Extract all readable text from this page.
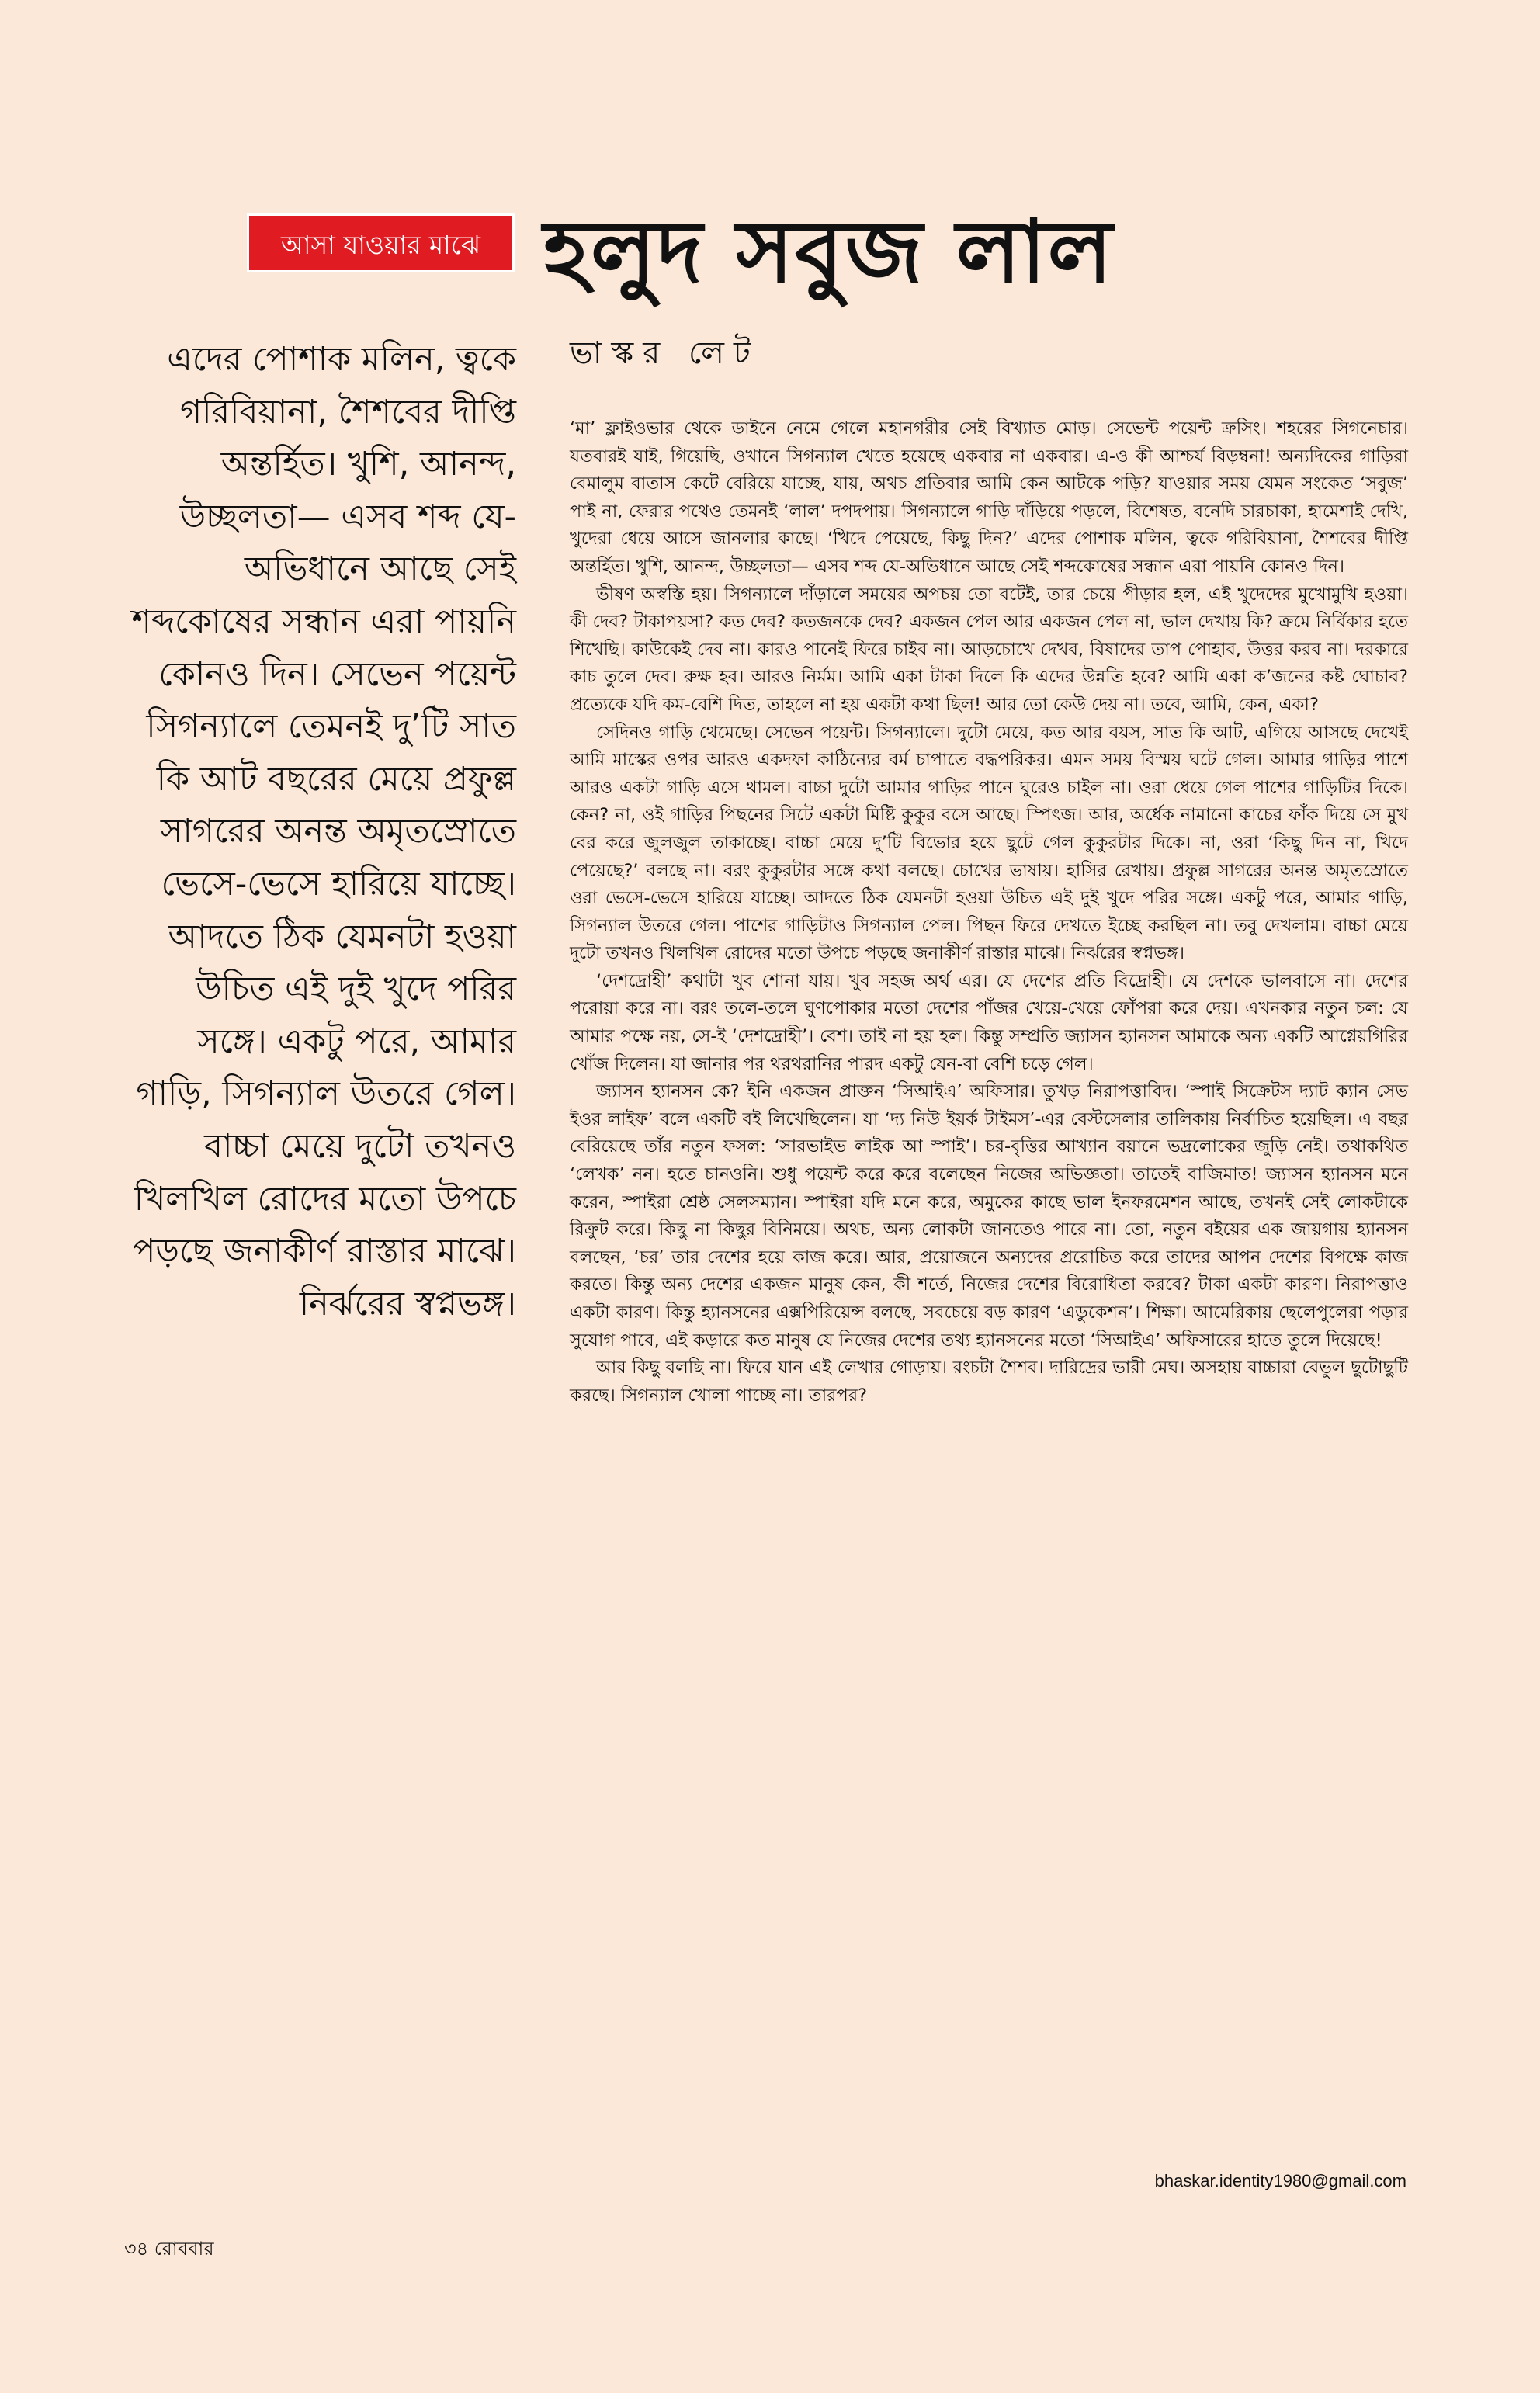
আসা যাওয়ার মাঝে হলুদ সবুজ লাল
ভাস্কর লেট

এদের পোশাক মলিন, ত্বকে গরিবিয়ানা, শৈশবের দীপ্তি অন্তর্হিত। খুশি, আনন্দ, উচ্ছলতা— এসব শব্দ যে-অভিধানে আছে সেই শব্দকোষের সন্ধান এরা পায়নি কোনও দিন। সেভেন পয়েন্ট সিগন্যালে তেমনই দু’টি সাত কি আট বছরের মেয়ে প্রফুল্ল সাগরের অনন্ত অমৃতস্রোতে ভেসে-ভেসে হারিয়ে যাচ্ছে। আদতে ঠিক যেমনটা হওয়া উচিত এই দুই খুদে পরির সঙ্গে। একটু পরে, আমার গাড়ি, সিগন্যাল উতরে গেল। বাচ্চা মেয়ে দুটো তখনও খিলখিল রোদের মতো উপচে পড়ছে জনাকীর্ণ রাস্তার মাঝে। নির্ঝরের স্বপ্নভঙ্গ।

‘মা’ ফ্লাইওভার থেকে ডাইনে নেমে গেলে মহানগরীর সেই বিখ্যাত মোড়। সেভেন্ট পয়েন্ট ক্রসিং। শহরের সিগনেচার। যতবারই যাই, গিয়েছি, ওখানে সিগন্যাল খেতে হয়েছে একবার না একবার। এ-ও কী আশ্চর্য বিড়ম্বনা! অন্যদিকের গাড়িরা বেমালুম বাতাস কেটে বেরিয়ে যাচ্ছে, যায়, অথচ প্রতিবার আমি কেন আটকে পড়ি? যাওয়ার সময় যেমন সংকেত ‘সবুজ’ পাই না, ফেরার পথেও তেমনই ‘লাল’ দপদপায়। সিগন্যালে গাড়ি দাঁড়িয়ে পড়লে, বিশেষত, বনেদি চারচাকা, হামেশাই দেখি, খুদেরা ধেয়ে আসে জানলার কাছে। ‘খিদে পেয়েছে, কিছু দিন?’ এদের পোশাক মলিন, ত্বকে গরিবিয়ানা, শৈশবের দীপ্তি অন্তর্হিত। খুশি, আনন্দ, উচ্ছলতা— এসব শব্দ যে-অভিধানে আছে সেই শব্দকোষের সন্ধান এরা পায়নি কোনও দিন।

ভীষণ অস্বস্তি হয়। সিগন্যালে দাঁড়ালে সময়ের অপচয় তো বটেই, তার চেয়ে পীড়ার হল, এই খুদেদের মুখোমুখি হওয়া। কী দেব? টাকাপয়সা? কত দেব? কতজনকে দেব? একজন পেল আর একজন পেল না, ভাল দেখায় কি? ক্রমে নির্বিকার হতে শিখেছি। কাউকেই দেব না। কারও পানেই ফিরে চাইব না। আড়চোখে দেখব, বিষাদের তাপ পোহাব, উত্তর করব না। দরকারে কাচ তুলে দেব। রুক্ষ হব। আরও নির্মম। আমি একা টাকা দিলে কি এদের উন্নতি হবে? আমি একা ক’জনের কষ্ট ঘোচাব? প্রত্যেকে যদি কম-বেশি দিত, তাহলে না হয় একটা কথা ছিল! আর তো কেউ দেয় না। তবে, আমি, কেন, একা?

সেদিনও গাড়ি থেমেছে। সেভেন পয়েন্ট। সিগন্যালে। দুটো মেয়ে, কত আর বয়স, সাত কি আট, এগিয়ে আসছে দেখেই আমি মাস্কের ওপর আরও একদফা কাঠিন্যের বর্ম চাপাতে বদ্ধপরিকর। এমন সময় বিস্ময় ঘটে গেল। আমার গাড়ির পাশে আরও একটা গাড়ি এসে থামল। বাচ্চা দুটো আমার গাড়ির পানে ঘুরেও চাইল না। ওরা ধেয়ে গেল পাশের গাড়িটির দিকে। কেন? না, ওই গাড়ির পিছনের সিটে একটা মিষ্টি কুকুর বসে আছে। স্পিৎজ। আর, অর্ধেক নামানো কাচের ফাঁক দিয়ে সে মুখ বের করে জুলজুল তাকাচ্ছে। বাচ্চা মেয়ে দু’টি বিভোর হয়ে ছুটে গেল কুকুরটার দিকে। না, ওরা ‘কিছু দিন না, খিদে পেয়েছে?’ বলছে না। বরং কুকুরটার সঙ্গে কথা বলছে। চোখের ভাষায়। হাসির রেখায়। প্রফুল্ল সাগরের অনন্ত অমৃতস্রোতে ওরা ভেসে-ভেসে হারিয়ে যাচ্ছে। আদতে ঠিক যেমনটা হওয়া উচিত এই দুই খুদে পরির সঙ্গে। একটু পরে, আমার গাড়ি, সিগন্যাল উতরে গেল। পাশের গাড়িটাও সিগন্যাল পেল। পিছন ফিরে দেখতে ইচ্ছে করছিল না। তবু দেখলাম। বাচ্চা মেয়ে দুটো তখনও খিলখিল রোদের মতো উপচে পড়ছে জনাকীর্ণ রাস্তার মাঝে। নির্ঝরের স্বপ্নভঙ্গ।

‘দেশদ্রোহী’ কথাটা খুব শোনা যায়। খুব সহজ অর্থ এর। যে দেশের প্রতি বিদ্রোহী। যে দেশকে ভালবাসে না। দেশের পরোয়া করে না। বরং তলে-তলে ঘুণপোকার মতো দেশের পাঁজর খেয়ে-খেয়ে ফোঁপরা করে দেয়। এখনকার নতুন চল: যে আমার পক্ষে নয়, সে-ই ‘দেশদ্রোহী’। বেশ। তাই না হয় হল। কিন্তু সম্প্রতি জ্যাসন হ্যানসন আমাকে অন্য একটি আগ্নেয়গিরির খোঁজ দিলেন। যা জানার পর থরথরানির পারদ একটু যেন-বা বেশি চড়ে গেল।

জ্যাসন হ্যানসন কে? ইনি একজন প্রাক্তন ‘সিআইএ’ অফিসার। তুখড় নিরাপত্তাবিদ। ‘স্পাই সিক্রেটস দ্যাট ক্যান সেভ ইওর লাইফ’ বলে একটি বই লিখেছিলেন। যা ‘দ্য নিউ ইয়র্ক টাইমস’-এর বেস্টসেলার তালিকায় নির্বাচিত হয়েছিল। এ বছর বেরিয়েছে তাঁর নতুন ফসল: ‘সারভাইভ লাইক আ স্পাই’। চর-বৃত্তির আখ্যান বয়ানে ভদ্রলোকের জুড়ি নেই। তথাকথিত ‘লেখক’ নন। হতে চানওনি। শুধু পয়েন্ট করে করে বলেছেন নিজের অভিজ্ঞতা। তাতেই বাজিমাত! জ্যাসন হ্যানসন মনে করেন, স্পাইরা শ্রেষ্ঠ সেলসম্যান। স্পাইরা যদি মনে করে, অমুকের কাছে ভাল ইনফরমেশন আছে, তখনই সেই লোকটাকে রিক্রুট করে। কিছু না কিছুর বিনিময়ে। অথচ, অন্য লোকটা জানতেও পারে না। তো, নতুন বইয়ের এক জায়গায় হ্যানসন বলছেন, ‘চর’ তার দেশের হয়ে কাজ করে। আর, প্রয়োজনে অন্যদের প্ররোচিত করে তাদের আপন দেশের বিপক্ষে কাজ করতে। কিন্তু অন্য দেশের একজন মানুষ কেন, কী শর্তে, নিজের দেশের বিরোধিতা করবে? টাকা একটা কারণ। নিরাপত্তাও একটা কারণ। কিন্তু হ্যানসনের এক্সপিরিয়েন্স বলছে, সবচেয়ে বড় কারণ ‘এডুকেশন’। শিক্ষা। আমেরিকায় ছেলেপুলেরা পড়ার সুযোগ পাবে, এই কড়ারে কত মানুষ যে নিজের দেশের তথ্য হ্যানসনের মতো ‘সিআইএ’ অফিসারের হাতে তুলে দিয়েছে!

আর কিছু বলছি না। ফিরে যান এই লেখার গোড়ায়। রংচটা শৈশব। দারিদ্রের ভারী মেঘ। অসহায় বাচ্চারা বেভুল ছুটোছুটি করছে। সিগন্যাল খোলা পাচ্ছে না। তারপর?

bhaskar.identity1980@gmail.com
৩৪ রোববার
